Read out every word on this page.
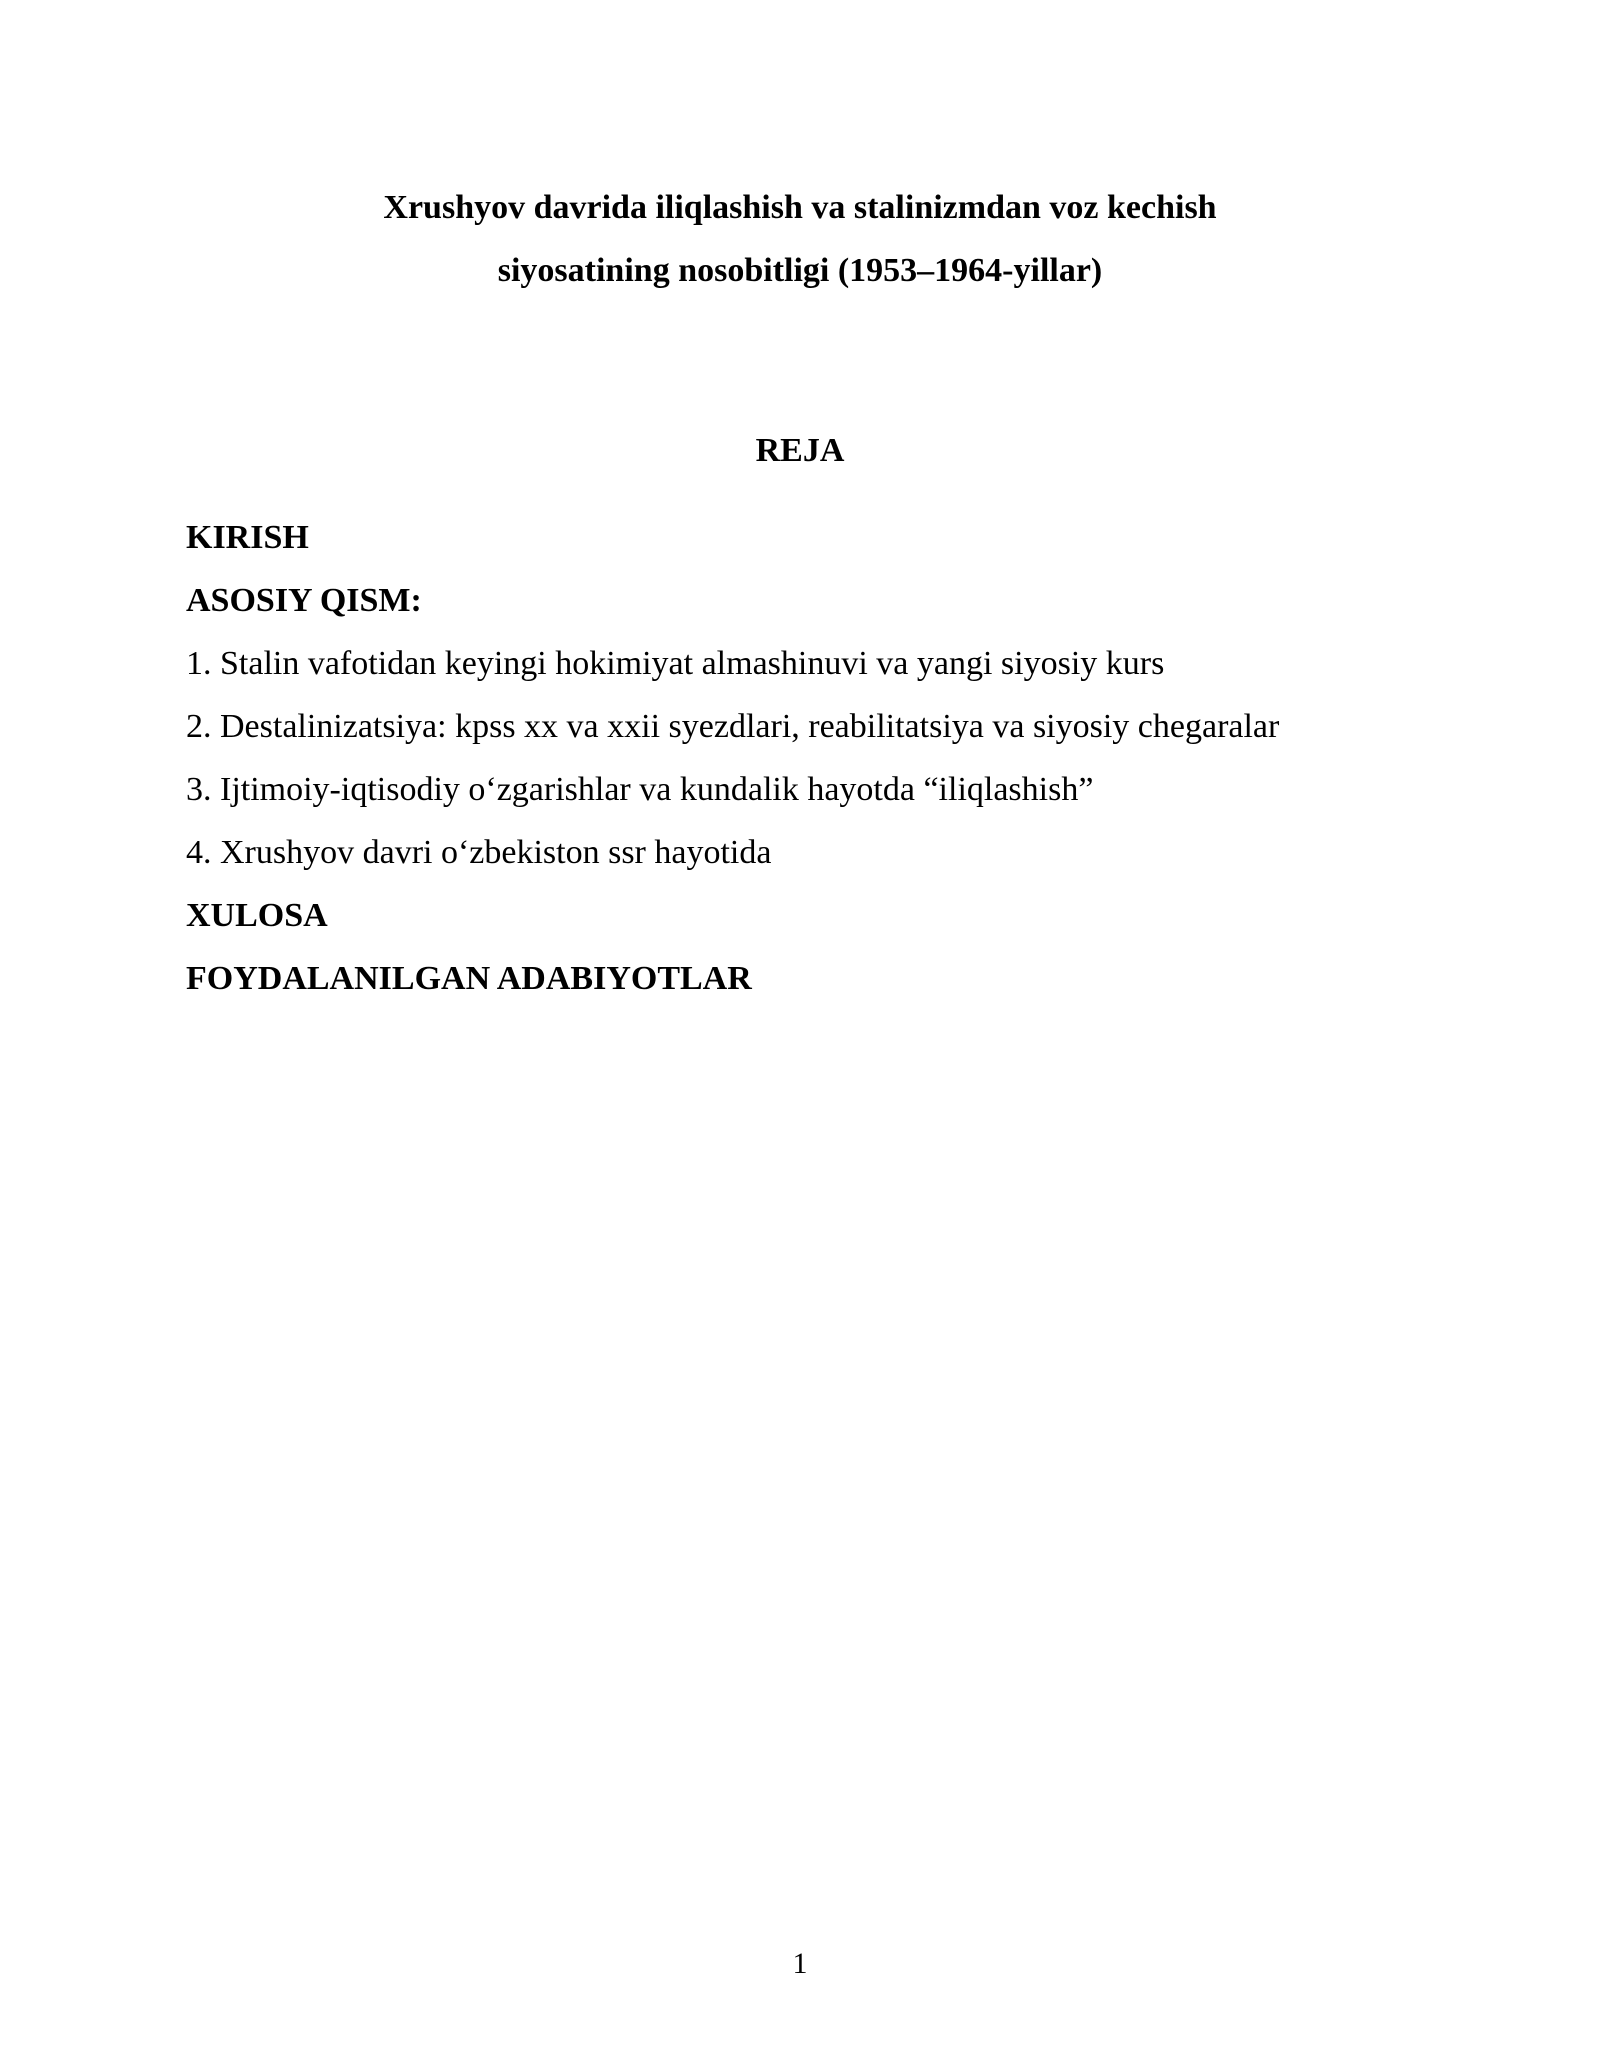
Xrushyov davrida iliqlashish va stalinizmdan voz kechish
siyosatining nosobitligi (1953–1964-yillar)
REJA
KIRISH
ASOSIY QISM:
1. Stalin vafotidan keyingi hokimiyat almashinuvi va yangi siyosiy kurs
2. Destalinizatsiya: kpss xx va xxii syezdlari, reabilitatsiya va siyosiy chegaralar
3. Ijtimoiy-iqtisodiy o‘zgarishlar va kundalik hayotda “iliqlashish”
4. Xrushyov davri o‘zbekiston ssr hayotida
XULOSA
FOYDALANILGAN ADABIYOTLAR
1
